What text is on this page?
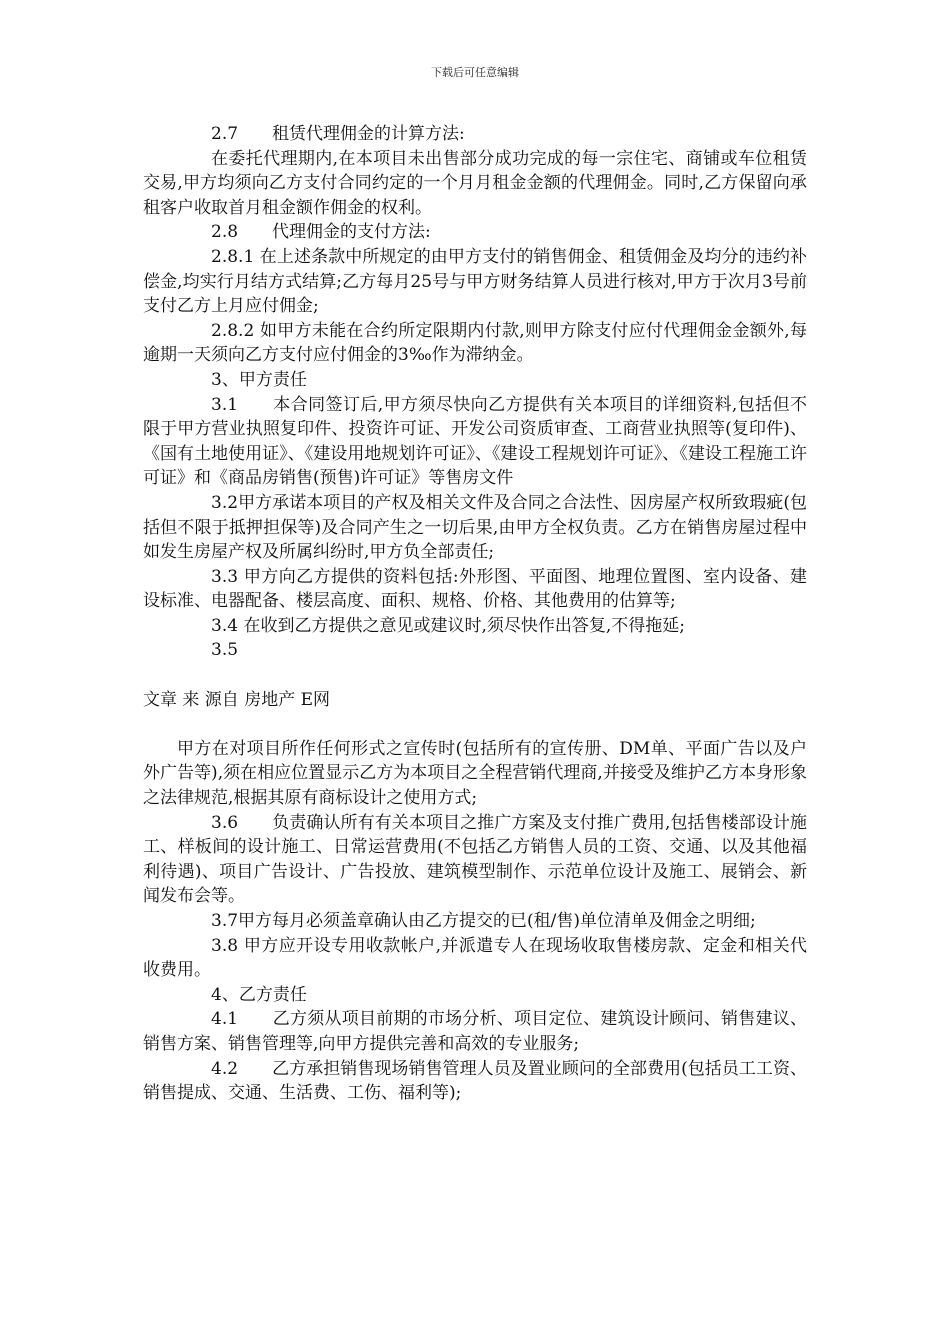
下载后可任意编辑

2.7　　租赁代理佣金的计算方法:

在委托代理期内,在本项目未出售部分成功完成的每一宗住宅、商铺或车位租赁交易,甲方均须向乙方支付合同约定的一个月月租金金额的代理佣金。同时,乙方保留向承租客户收取首月租金额作佣金的权利。

2.8　　代理佣金的支付方法:

2.8.1 在上述条款中所规定的由甲方支付的销售佣金、租赁佣金及均分的违约补偿金,均实行月结方式结算;乙方每月25号与甲方财务结算人员进行核对,甲方于次月3号前支付乙方上月应付佣金;

2.8.2 如甲方未能在合约所定限期内付款,则甲方除支付应付代理佣金金额外,每逾期一天须向乙方支付应付佣金的3‰作为滞纳金。

3、甲方责任

3.1　　本合同签订后,甲方须尽快向乙方提供有关本项目的详细资料,包括但不限于甲方营业执照复印件、投资许可证、开发公司资质审查、工商营业执照等(复印件)、《国有土地使用证》、《建设用地规划许可证》、《建设工程规划许可证》、《建设工程施工许可证》和《商品房销售(预售)许可证》等售房文件

3.2甲方承诺本项目的产权及相关文件及合同之合法性、因房屋产权所致瑕疵(包括但不限于抵押担保等)及合同产生之一切后果,由甲方全权负责。乙方在销售房屋过程中如发生房屋产权及所属纠纷时,甲方负全部责任;

3.3 甲方向乙方提供的资料包括:外形图、平面图、地理位置图、室内设备、建设标准、电器配备、楼层高度、面积、规格、价格、其他费用的估算等;

3.4 在收到乙方提供之意见或建议时,须尽快作出答复,不得拖延;

3.5

文章 来 源自 房地产 E网

甲方在对项目所作任何形式之宣传时(包括所有的宣传册、DM单、平面广告以及户外广告等),须在相应位置显示乙方为本项目之全程营销代理商,并接受及维护乙方本身形象之法律规范,根据其原有商标设计之使用方式;

3.6　　负责确认所有有关本项目之推广方案及支付推广费用,包括售楼部设计施工、样板间的设计施工、日常运营费用(不包括乙方销售人员的工资、交通、以及其他福利待遇)、项目广告设计、广告投放、建筑模型制作、示范单位设计及施工、展销会、新闻发布会等。

3.7甲方每月必须盖章确认由乙方提交的已(租/售)单位清单及佣金之明细;

3.8 甲方应开设专用收款帐户,并派遣专人在现场收取售楼房款、定金和相关代收费用。

4、乙方责任

4.1　　乙方须从项目前期的市场分析、项目定位、建筑设计顾问、销售建议、销售方案、销售管理等,向甲方提供完善和高效的专业服务;

4.2　　乙方承担销售现场销售管理人员及置业顾问的全部费用(包括员工工资、销售提成、交通、生活费、工伤、福利等);
